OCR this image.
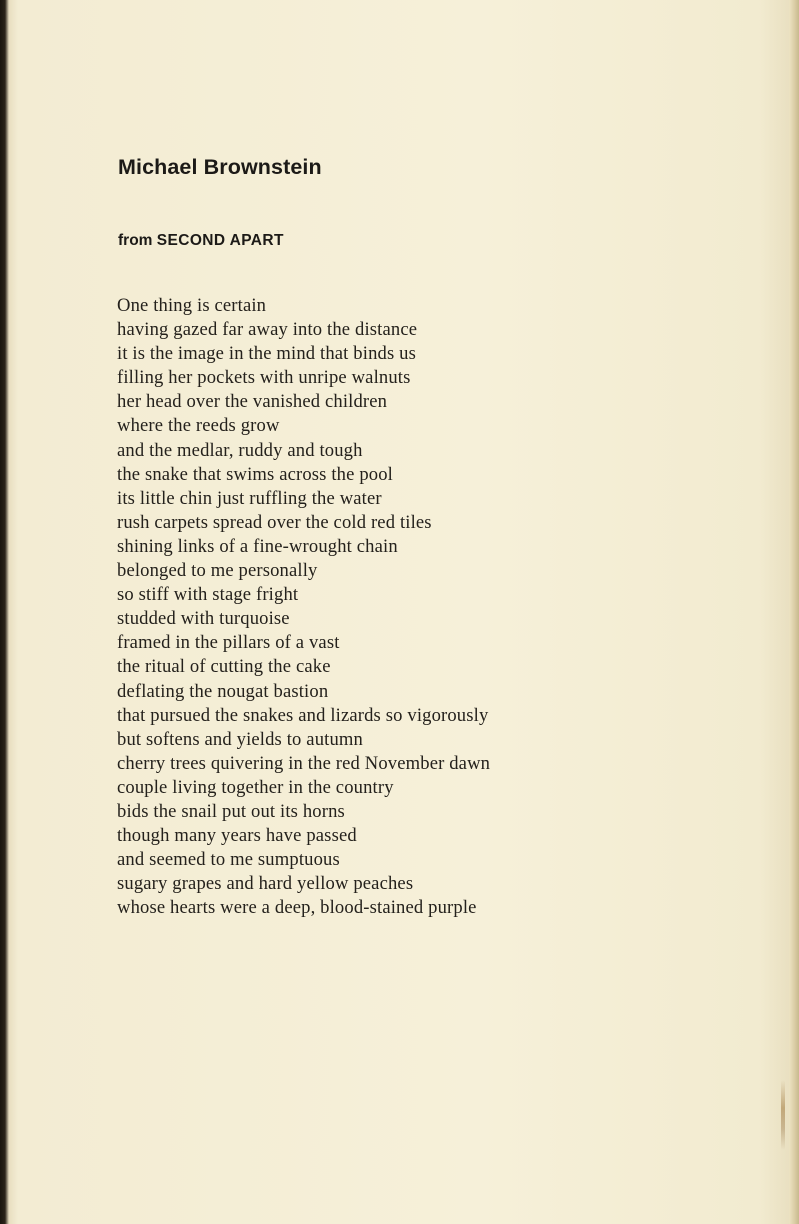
Michael Brownstein
from SECOND APART
One thing is certain
having gazed far away into the distance
it is the image in the mind that binds us
filling her pockets with unripe walnuts
her head over the vanished children
where the reeds grow
and the medlar, ruddy and tough
the snake that swims across the pool
its little chin just ruffling the water
rush carpets spread over the cold red tiles
shining links of a fine-wrought chain
belonged to me personally
so stiff with stage fright
studded with turquoise
framed in the pillars of a vast
the ritual of cutting the cake
deflating the nougat bastion
that pursued the snakes and lizards so vigorously
but softens and yields to autumn
cherry trees quivering in the red November dawn
couple living together in the country
bids the snail put out its horns
though many years have passed
and seemed to me sumptuous
sugary grapes and hard yellow peaches
whose hearts were a deep, blood-stained purple
